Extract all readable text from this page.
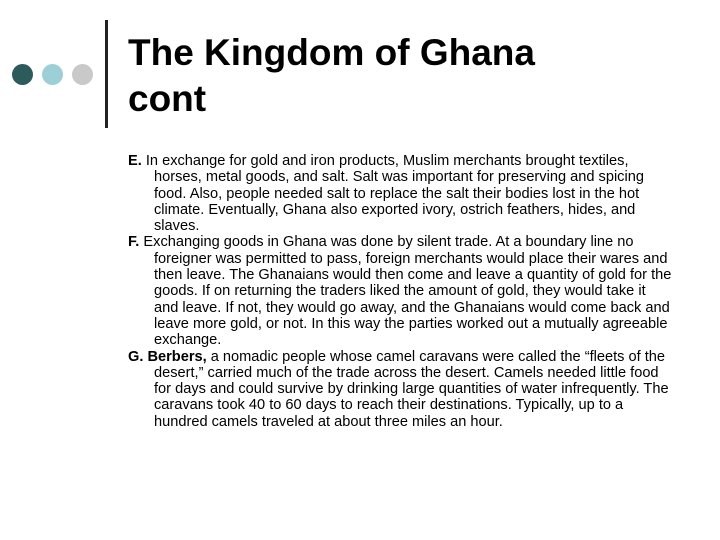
The Kingdom of Ghana
cont

E. In exchange for gold and iron products, Muslim merchants brought textiles, horses, metal goods, and salt. Salt was important for preserving and spicing food. Also, people needed salt to replace the salt their bodies lost in the hot climate. Eventually, Ghana also exported ivory, ostrich feathers, hides, and slaves.

F. Exchanging goods in Ghana was done by silent trade. At a boundary line no foreigner was permitted to pass, foreign merchants would place their wares and then leave. The Ghanaians would then come and leave a quantity of gold for the goods. If on returning the traders liked the amount of gold, they would take it and leave. If not, they would go away, and the Ghanaians would come back and leave more gold, or not. In this way the parties worked out a mutually agreeable exchange.

G. Berbers, a nomadic people whose camel caravans were called the “fleets of the desert,” carried much of the trade across the desert. Camels needed little food for days and could survive by drinking large quantities of water infrequently. The caravans took 40 to 60 days to reach their destinations. Typically, up to a hundred camels traveled at about three miles an hour.
